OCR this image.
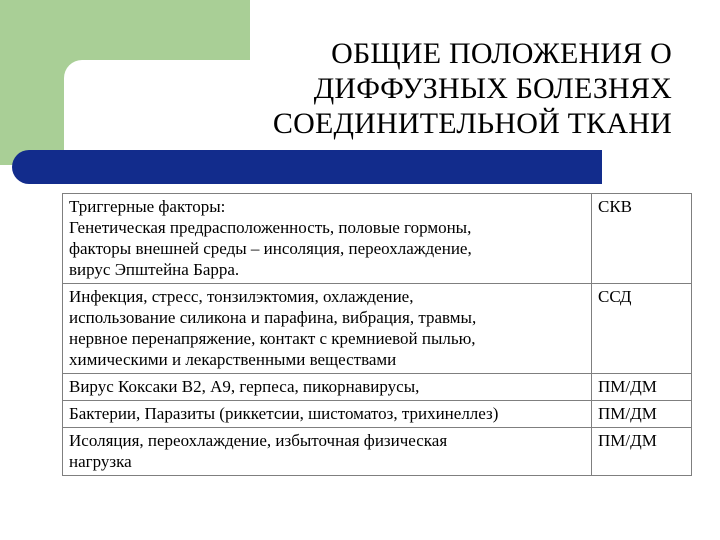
ОБЩИЕ ПОЛОЖЕНИЯ О
ДИФФУЗНЫХ БОЛЕЗНЯХ
СОЕДИНИТЕЛЬНОЙ ТКАНИ
Триггерные факторы:
Генетическая предрасположенность, половые гормоны,
факторы внешней среды – инсоляция, переохлаждение,
вирус Эпштейна Барра.	СКВ

Инфекция, стресс, тонзилэктомия, охлаждение,
использование силикона и парафина, вибрация, травмы,
нервное перенапряжение, контакт с кремниевой пылью,
химическими и лекарственными веществами	ССД

Вирус Коксаки В2, А9, герпеса, пикорнавирусы,	ПМ/ДМ

Бактерии, Паразиты (риккетсии, шистоматоз, трихинеллез)	ПМ/ДМ

Исоляция, переохлаждение, избыточная физическая
нагрузка	ПМ/ДМ
